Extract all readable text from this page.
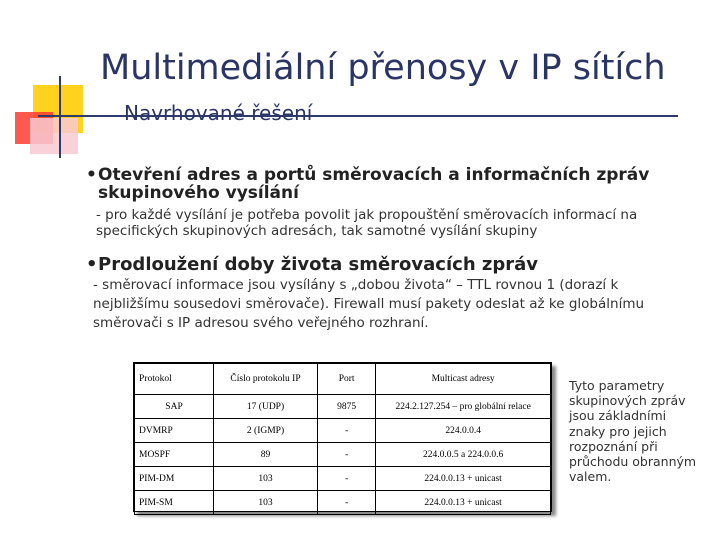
Multimediální přenosy v IP sítích
Navrhované řešení

•Otevření adres a portů směrovacích a informačních zpráv skupinového vysílání

- pro každé vysílání je potřeba povolit jak propouštění směrovacích informací na specifických skupinových adresách, tak samotné vysílání skupiny

•Prodloužení doby života směrovacích zpráv

- směrovací informace jsou vysílány s „dobou života“ – TTL rovnou 1 (dorazí k nejbližšímu sousedovi směrovače). Firewall musí pakety odeslat až ke globálnímu směrovači s IP adresou svého veřejného rozhraní.

Protokol	Číslo protokolu IP	Port	Multicast adresy
SAP	17 (UDP)	9875	224.2.127.254 – pro globální relace
DVMRP	2 (IGMP)	-	224.0.0.4
MOSPF	89	-	224.0.0.5 a 224.0.0.6
PIM-DM	103	-	224.0.0.13 + unicast
PIM-SM	103	-	224.0.0.13 + unicast

Tyto parametry skupinových zpráv jsou základními znaky pro jejich rozpoznání při průchodu obranným valem.
